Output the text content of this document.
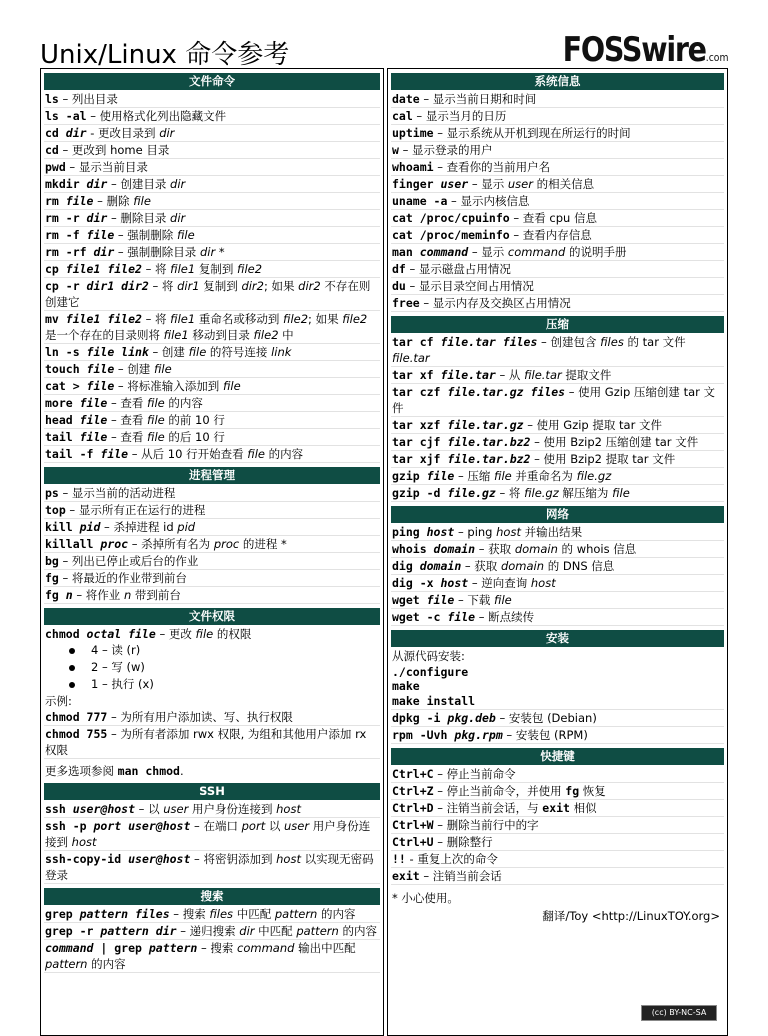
Unix/Linux 命令参考	FOSSwire.com
文件命令
ls – 列出目录
ls -al – 使用格式化列出隐藏文件
cd dir - 更改目录到 dir
cd – 更改到 home 目录
pwd – 显示当前目录
mkdir dir – 创建目录 dir
rm file – 删除 file
rm -r dir – 删除目录 dir
rm -f file – 强制删除 file
rm -rf dir – 强制删除目录 dir *
cp file1 file2 – 将 file1 复制到 file2
cp -r dir1 dir2 – 将 dir1 复制到 dir2; 如果 dir2 不存在则创建它
mv file1 file2 – 将 file1 重命名或移动到 file2; 如果 file2 是一个存在的目录则将 file1 移动到目录 file2 中
ln -s file link – 创建 file 的符号连接 link
touch file – 创建 file
cat > file – 将标准输入添加到 file
more file – 查看 file 的内容
head file – 查看 file 的前 10 行
tail file – 查看 file 的后 10 行
tail -f file – 从后 10 行开始查看 file 的内容
进程管理
ps – 显示当前的活动进程
top – 显示所有正在运行的进程
kill pid – 杀掉进程 id pid
killall proc – 杀掉所有名为 proc 的进程 *
bg – 列出已停止或后台的作业
fg – 将最近的作业带到前台
fg n – 将作业 n 带到前台
文件权限
chmod octal file – 更改 file 的权限
4 – 读 (r)
2 – 写 (w)
1 – 执行 (x)
示例:
chmod 777 – 为所有用户添加读、写、执行权限
chmod 755 – 为所有者添加 rwx 权限, 为组和其他用户添加 rx 权限
更多选项参阅 man chmod.
SSH
ssh user@host – 以 user 用户身份连接到 host
ssh -p port user@host – 在端口 port 以 user 用户身份连接到 host
ssh-copy-id user@host – 将密钥添加到 host 以实现无密码登录
搜索
grep pattern files – 搜索 files 中匹配 pattern 的内容
grep -r pattern dir – 递归搜索 dir 中匹配 pattern 的内容
command | grep pattern – 搜索 command 输出中匹配 pattern 的内容
系统信息
date – 显示当前日期和时间
cal – 显示当月的日历
uptime – 显示系统从开机到现在所运行的时间
w – 显示登录的用户
whoami – 查看你的当前用户名
finger user – 显示 user 的相关信息
uname -a – 显示内核信息
cat /proc/cpuinfo – 查看 cpu 信息
cat /proc/meminfo – 查看内存信息
man command – 显示 command 的说明手册
df – 显示磁盘占用情况
du – 显示目录空间占用情况
free – 显示内存及交换区占用情况
压缩
tar cf file.tar files – 创建包含 files 的 tar 文件 file.tar
tar xf file.tar – 从 file.tar 提取文件
tar czf file.tar.gz files – 使用 Gzip 压缩创建 tar 文件
tar xzf file.tar.gz – 使用 Gzip 提取 tar 文件
tar cjf file.tar.bz2 – 使用 Bzip2 压缩创建 tar 文件
tar xjf file.tar.bz2 – 使用 Bzip2 提取 tar 文件
gzip file – 压缩 file 并重命名为 file.gz
gzip -d file.gz – 将 file.gz 解压缩为 file
网络
ping host – ping host 并输出结果
whois domain – 获取 domain 的 whois 信息
dig domain – 获取 domain 的 DNS 信息
dig -x host – 逆向查询 host
wget file – 下载 file
wget -c file – 断点续传
安装
从源代码安装:
./configure
make
make install
dpkg -i pkg.deb – 安装包 (Debian)
rpm -Uvh pkg.rpm – 安装包 (RPM)
快捷键
Ctrl+C – 停止当前命令
Ctrl+Z – 停止当前命令，并使用 fg 恢复
Ctrl+D – 注销当前会话，与 exit 相似
Ctrl+W – 删除当前行中的字
Ctrl+U – 删除整行
!! - 重复上次的命令
exit – 注销当前会话
* 小心使用。
翻译/Toy <http://LinuxTOY.org>
(cc) BY-NC-SA
